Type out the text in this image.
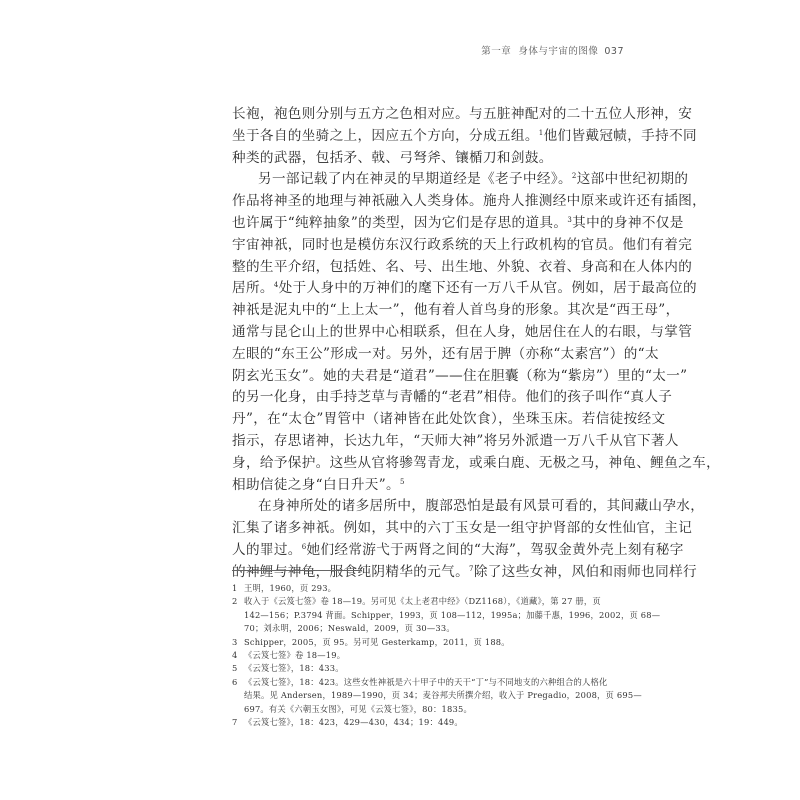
第一章 身体与宇宙的图像 037
长袍，袍色则分别与五方之色相对应。与五脏神配对的二十五位人形神，安
坐于各自的坐骑之上，因应五个方向，分成五组。$^1$他们皆戴冠帻，手持不同
种类的武器，包括矛、戟、弓弩斧、镶楯刀和剑鼓。
另一部记载了内在神灵的早期道经是《老子中经》。$^2$这部中世纪初期的
作品将神圣的地理与神祇融入人类身体。施舟人推测经中原来或许还有插图，
也许属于“纯粹抽象”的类型，因为它们是存思的道具。$^3$其中的身神不仅是
宇宙神祇，同时也是模仿东汉行政系统的天上行政机构的官员。他们有着完
整的生平介绍，包括姓、名、号、出生地、外貌、衣着、身高和在人体内的
居所。$^4$处于人身中的万神们的麾下还有一万八千从官。例如，居于最高位的
神祇是泥丸中的“上上太一”，他有着人首鸟身的形象。其次是“西王母”，
通常与昆仑山上的世界中心相联系，但在人身，她居住在人的右眼，与掌管
左眼的“东王公”形成一对。另外，还有居于脾（亦称“太素宫”）的“太
阴玄光玉女”。她的夫君是“道君”——住在胆囊（称为“紫房”）里的“太一”
的另一化身，由手持芝草与青幡的“老君”相侍。他们的孩子叫作“真人子
丹”，在“太仓”胃管中（诸神皆在此处饮食），坐珠玉床。若信徒按经文
指示，存思诸神，长达九年，“天师大神”将另外派遣一万八千从官下著人
身，给予保护。这些从官将骖驾青龙，或乘白鹿、无极之马，神龟、鲤鱼之车，
相助信徒之身“白日升天”。$^5$
在身神所处的诸多居所中，腹部恐怕是最有风景可看的，其间藏山孕水，
汇集了诸多神祇。例如，其中的六丁玉女是一组守护肾部的女性仙官，主记
人的罪过。$^6$她们经常游弋于两肾之间的“大海”，驾驭金黄外壳上刻有秘字
的神鲤与神龟，服食纯阴精华的元气。$^7$除了这些女神，风伯和雨师也同样行
1 王明，1960，页 293。
2 收入于《云笈七签》卷 18—19。另可见《太上老君中经》（DZ1168），《道藏》，第 27 册，页
142—156；P.3794 背面。Schipper，1993，页 108—112，1995a；加藤千惠，1996，2002，页 68—
70；刘永明，2006；Neswald，2009，页 30—33。
3 Schipper，2005，页 95。另可见 Gesterkamp，2011，页 188。
4 《云笈七签》卷 18—19。
5 《云笈七签》，18：433。
6 《云笈七签》，18：423。这些女性神祇是六十甲子中的天干“丁”与不同地支的六种组合的人格化
结果。见 Andersen，1989—1990，页 34；麦谷邦夫所撰介绍，收入于 Pregadio，2008，页 695—
697。有关《六朝玉女图》，可见《云笈七签》，80：1835。
7 《云笈七签》，18：423，429—430，434；19：449。
